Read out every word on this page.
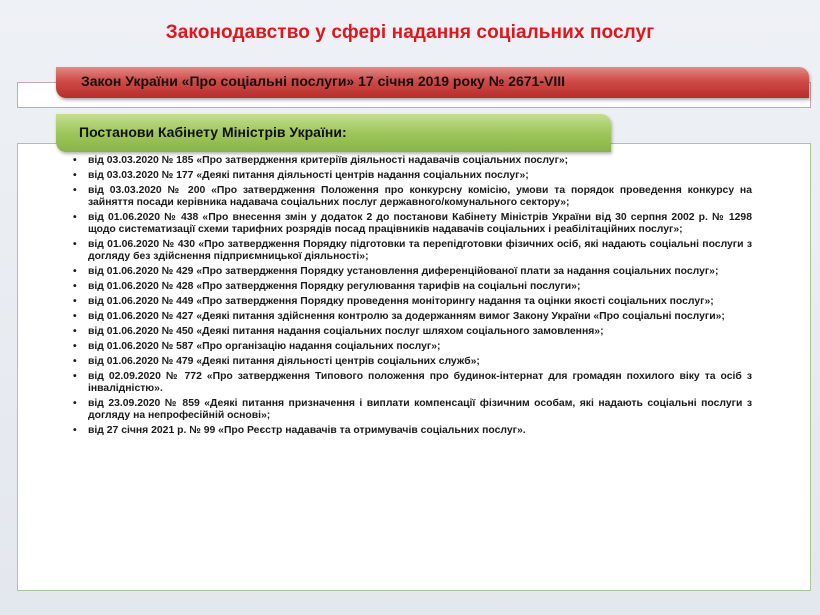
Законодавство у сфері надання соціальних послуг
Закон України «Про соціальні послуги» 17 січня 2019 року № 2671-VIII
Постанови Кабінету Міністрів України:
• від 03.03.2020 № 185 «Про затвердження критеріїв діяльності надавачів соціальних послуг»;
• від 03.03.2020 № 177 «Деякі питання діяльності центрів надання соціальних послуг»;
• від 03.03.2020 № 200 «Про затвердження Положення про конкурсну комісію, умови та порядок проведення конкурсу на зайняття посади керівника надавача соціальних послуг державного/комунального сектору»;
• від 01.06.2020 № 438 «Про внесення змін у додаток 2 до постанови Кабінету Міністрів України від 30 серпня 2002 р. № 1298 щодо систематизації схеми тарифних розрядів посад працівників надавачів соціальних і реабілітаційних послуг»;
• від 01.06.2020 № 430 «Про затвердження Порядку підготовки та перепідготовки фізичних осіб, які надають соціальні послуги з догляду без здійснення підприємницької діяльності»;
• від 01.06.2020 № 429 «Про затвердження Порядку установлення диференційованої плати за надання соціальних послуг»;
• від 01.06.2020 № 428 «Про затвердження Порядку регулювання тарифів на соціальні послуги»;
• від 01.06.2020 № 449 «Про затвердження Порядку проведення моніторингу надання та оцінки якості соціальних послуг»;
• від 01.06.2020 № 427 «Деякі питання здійснення контролю за додержанням вимог Закону України «Про соціальні послуги»;
• від 01.06.2020 № 450 «Деякі питання надання соціальних послуг шляхом соціального замовлення»;
• від 01.06.2020 № 587 «Про організацію надання соціальних послуг»;
• від 01.06.2020 № 479 «Деякі питання діяльності центрів соціальних служб»;
• від 02.09.2020 № 772 «Про затвердження Типового положення про будинок-інтернат для громадян похилого віку та осіб з інвалідністю».
• від 23.09.2020 № 859 «Деякі питання призначення і виплати компенсації фізичним особам, які надають соціальні послуги з догляду на непрофесійній основі»;
• від 27 січня 2021 р. № 99 «Про Реєстр надавачів та отримувачів соціальних послуг».
